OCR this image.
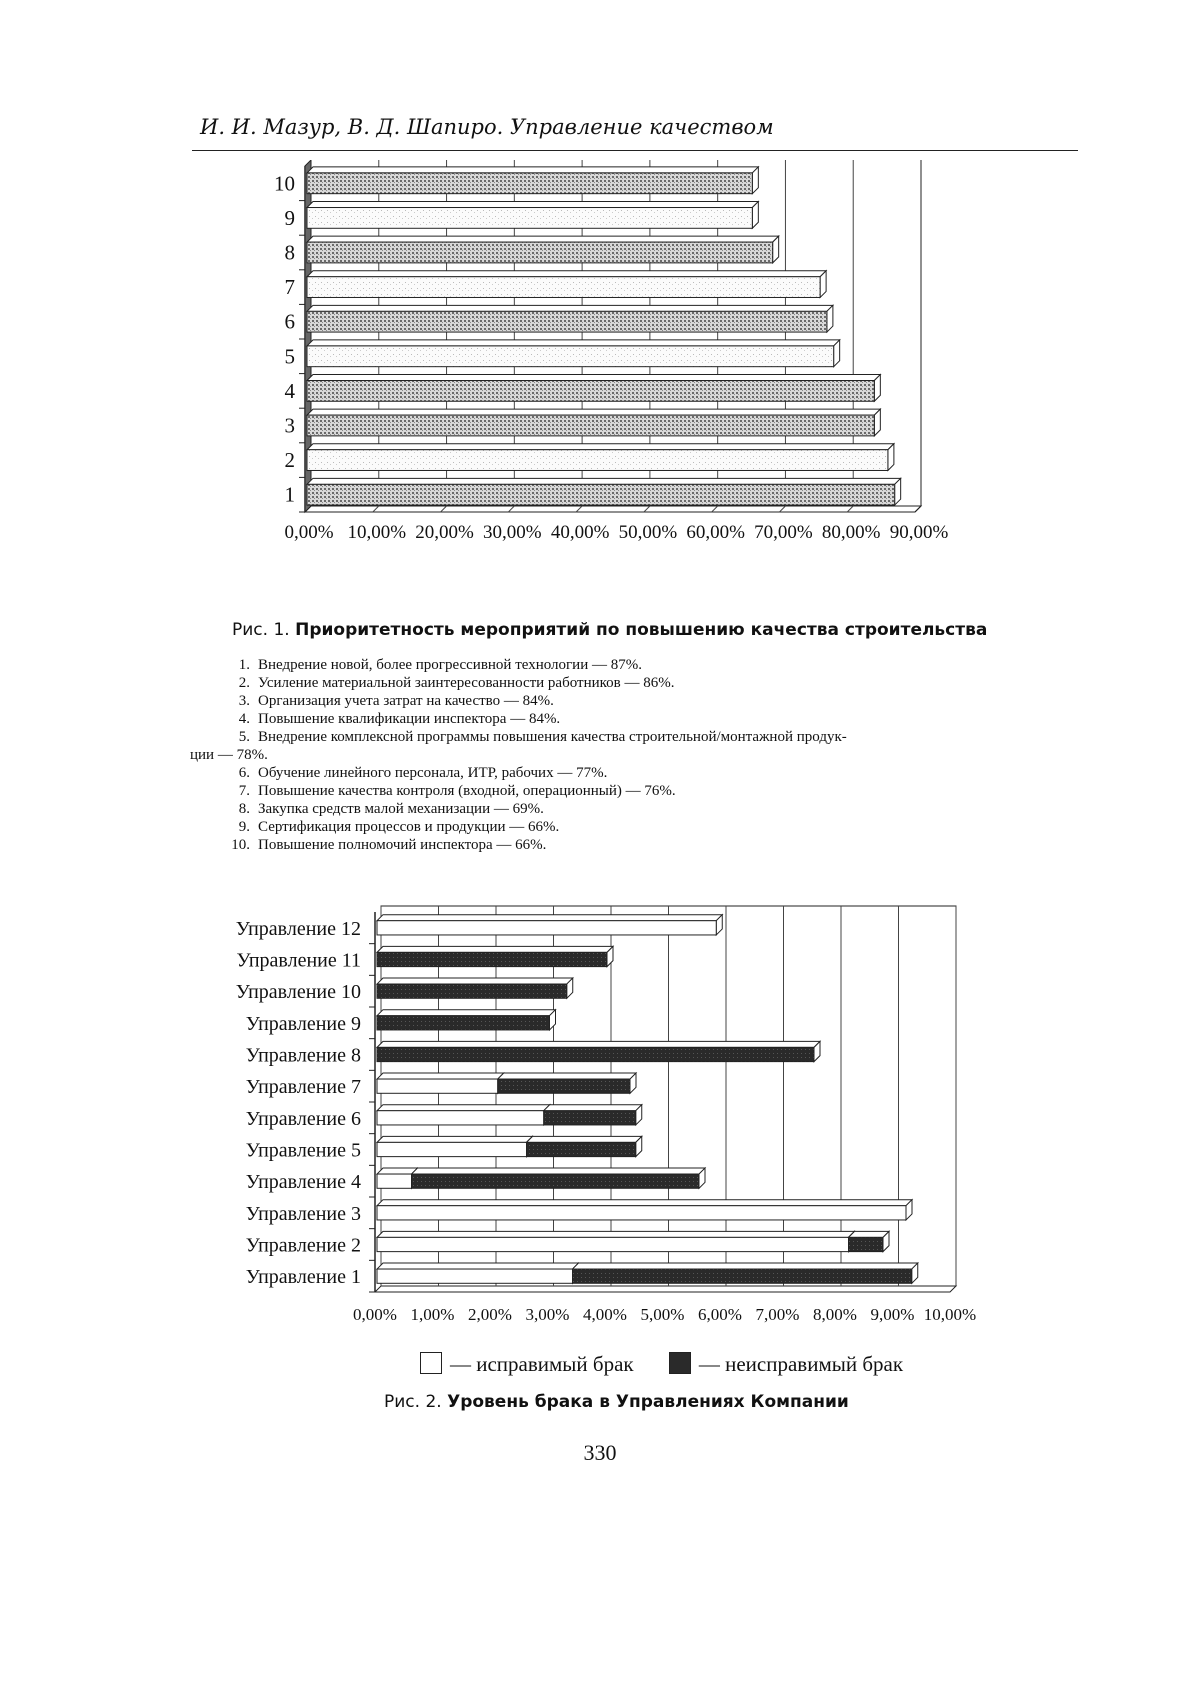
И. И. Мазур, В. Д. Шапиро. Управление качеством
0,00% 10,00% 20,00% 30,00% 40,00% 50,00% 60,00% 70,00% 80,00% 90,00%
1
2
3
4
5
6
7
8
9
10
Рис. 1. Приоритетность мероприятий по повышению качества строительства
1. Внедрение новой, более прогрессивной технологии — 87%.
2. Усиление материальной заинтересованности работников — 86%.
3. Организация учета затрат на качество — 84%.
4. Повышение квалификации инспектора — 84%.
5. Внедрение комплексной программы повышения качества строительной/монтажной продук-
ции — 78%.
6. Обучение линейного персонала, ИТР, рабочих — 77%.
7. Повышение качества контроля (входной, операционный) — 76%.
8. Закупка средств малой механизации — 69%.
9. Сертификация процессов и продукции — 66%.
10. Повышение полномочий инспектора — 66%.
0,00% 1,00% 2,00% 3,00% 4,00% 5,00% 6,00% 7,00% 8,00% 9,00% 10,00%
Управление 1
Управление 2
Управление 3
Управление 4
Управление 5
Управление 6
Управление 7
Управление 8
Управление 9
Управление 10
Управление 11
Управление 12
— исправимый брак	— неисправимый брак
Рис. 2. Уровень брака в Управлениях Компании
330
